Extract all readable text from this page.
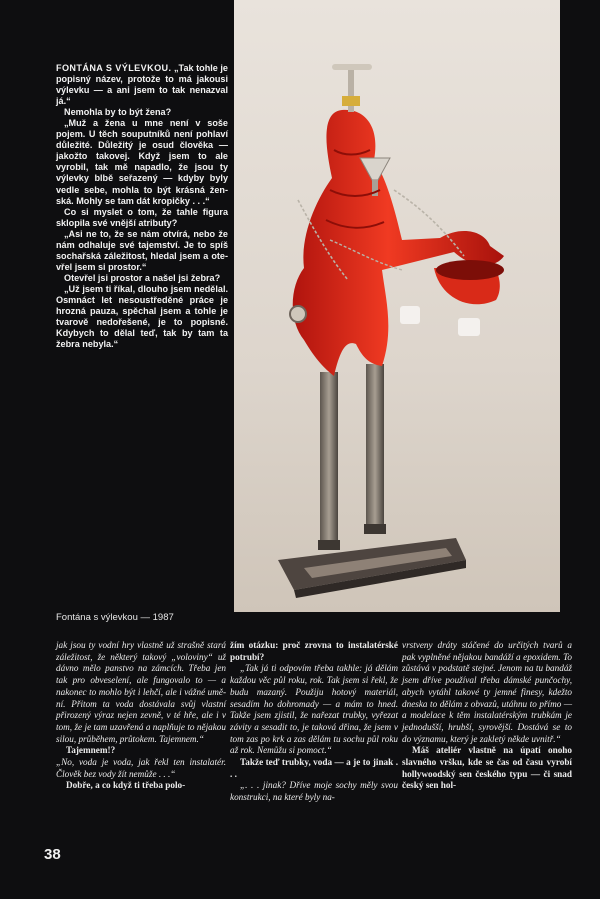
FONTÁNA S VÝLEVKOU. „Tak tohle je popisný název, protože to má jakousi výlevku — a ani jsem to tak nenazval já.“

Nemohla by to být žena?

„Muž a žena u mne není v soše pojem. U těch souputníků není pohlaví důležité. Důležitý je osud člověka — jakožto takovej. Když jsem to ale vyrobil, tak mě napadlo, že jsou ty výlevky blbě seřazený — kdyby byly vedle sebe, mohla to být krásná ženská. Mohly se tam dát kropičky . . .“

Co si myslet o tom, že tahle figura sklopila své vnější atributy?

„Asi ne to, že se nám otvírá, nebo že nám odhaluje své tajemství. Je to spíš sochařská záležitost, hledal jsem a otevřel jsem si prostor.“

Otevřel jsi prostor a našel jsi žebra?

„Už jsem ti říkal, dlouho jsem nedělal. Osmnáct let nesoustředěné práce je hrozná pauza, spěchal jsem a tohle je tvarově nedořešené, je to popisné. Kdybych to dělal teď, tak by tam ta žebra nebyla.“

Fontána s výlevkou — 1987

jak jsou ty vodní hry vlastně už strašně stará záležitost, že některý takový „voloviny“ už dávno mělo panstvo na zámcích. Třeba jen tak pro obveselení, ale fungovalo to — a nakonec to mohlo být i lehčí, ale i vážné umění. Přitom ta voda dostávala svůj vlastní přirozený výraz nejen zevně, v té hře, ale i v tom, že je tam uzavřená a naplňuje to nějakou silou, průběhem, průtokem. Tajemnem.“

Tajemnem!?

„No, voda je voda, jak řekl ten instalatér. Člověk bez vody žít nemůže . . .“

Dobře, a co když ti třeba polo-

žím otázku: proč zrovna to instalatérské potrubí?

„Tak já ti odpovím třeba takhle: já dělám každou věc půl roku, rok. Tak jsem si řekl, že budu mazaný. Použiju hotový materiál, sesadím ho dohromady — a mám to hned. Takže jsem zjistil, že nařezat trubky, vyřezat závity a sesadit to, je taková dřina, že jsem v tom zas po krk a zas dělám tu sochu půl roku až rok. Nemůžu si pomoct.“

Takže teď trubky, voda — a je to jinak . . .

„. . . jinak? Dříve moje sochy měly svou konstrukci, na které byly na-

vrstveny dráty stáčené do určitých tvarů a pak vyplněné nějakou bandáží a epoxidem. To zůstává v podstatě stejné. Jenom na tu bandáž jsem dříve používal třeba dámské punčochy, abych vytáhl takové ty jemné finesy, kdežto dneska to dělám z obvazů, utáhnu to přímo — a modelace k těm instalatérským trubkám je jednodušší, hrubší, syrovější. Dostává se to do významu, který je zakletý někde uvnitř.“

Máš ateliér vlastně na úpatí onoho slavného vršku, kde se čas od času vyrobí hollywoodský sen českého typu — či snad český sen hol-

38
